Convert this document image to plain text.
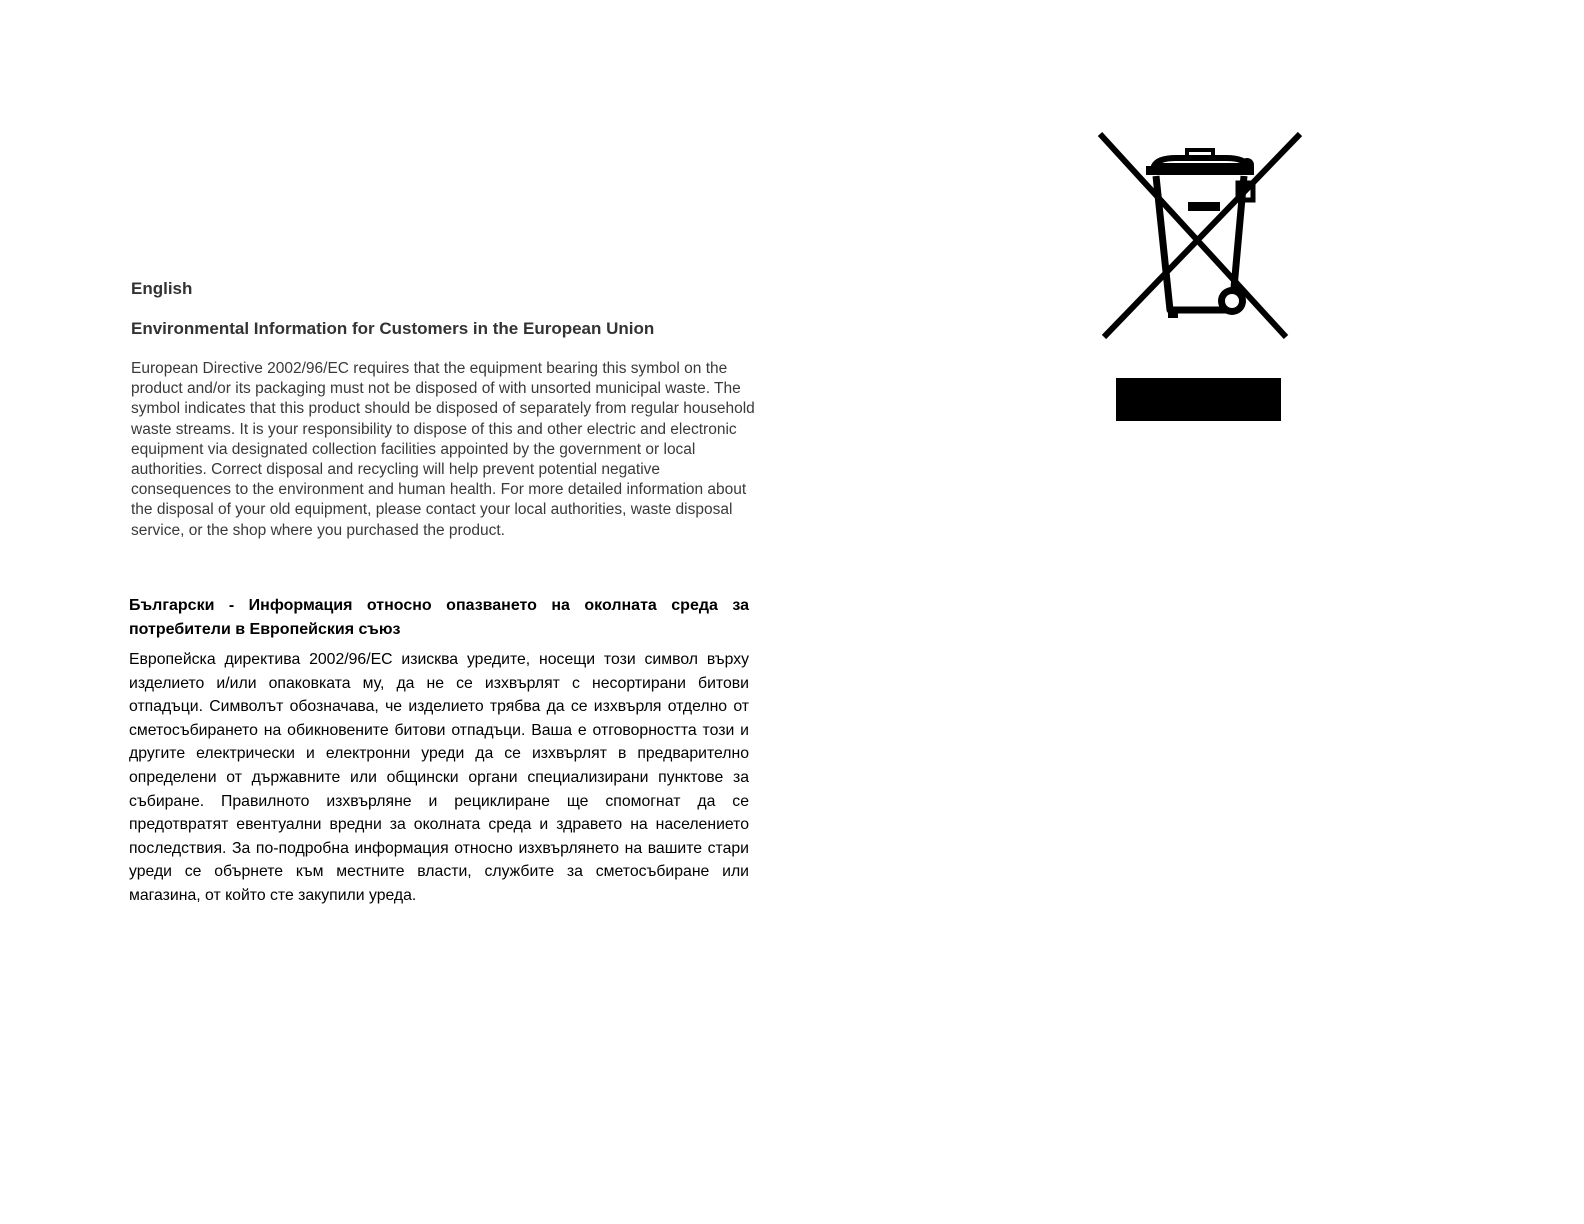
English
Environmental Information for Customers in the European Union

European Directive 2002/96/EC requires that the equipment bearing this symbol on the product and/or its packaging must not be disposed of with unsorted municipal waste. The symbol indicates that this product should be disposed of separately from regular household waste streams. It is your responsibility to dispose of this and other electric and electronic equipment via designated collection facilities appointed by the government or local authorities. Correct disposal and recycling will help prevent potential negative consequences to the environment and human health. For more detailed information about the disposal of your old equipment, please contact your local authorities, waste disposal service, or the shop where you purchased the product.

Български - Информация относно опазването на околната среда за потребители в Европейския съюз

Европейска директива 2002/96/EC изисква уредите, носещи този символ върху изделието и/или опаковката му, да не се изхвърлят с несортирани битови отпадъци. Символът обозначава, че изделието трябва да се изхвърля отделно от сметосъбирането на обикновените битови отпадъци. Ваша е отговорността този и другите електрически и електронни уреди да се изхвърлят в предварително определени от държавните или общински органи специализирани пунктове за събиране. Правилното изхвърляне и рециклиране ще спомогнат да се предотвратят евентуални вредни за околната среда и здравето на населението последствия. За по-подробна информация относно изхвърлянето на вашите стари уреди се обърнете към местните власти, службите за сметосъбиране или магазина, от който сте закупили уреда.
